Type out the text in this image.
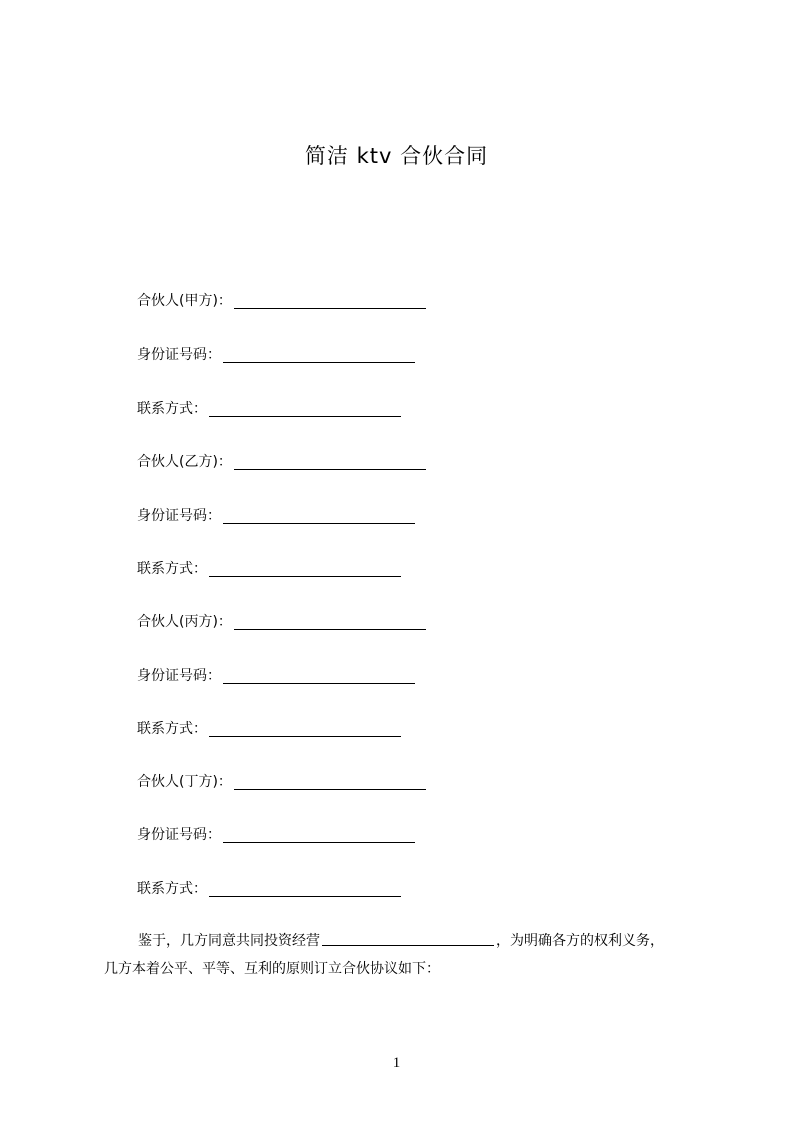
简洁 ktv 合伙合同
合伙人(甲方)：
身份证号码：
联系方式：
合伙人(乙方)：
身份证号码：
联系方式：
合伙人(丙方)：
身份证号码：
联系方式：
合伙人(丁方)：
身份证号码：
联系方式：
鉴于，几方同意共同投资经营	，为明确各方的权利义务，
几方本着公平、平等、互利的原则订立合伙协议如下：
1
